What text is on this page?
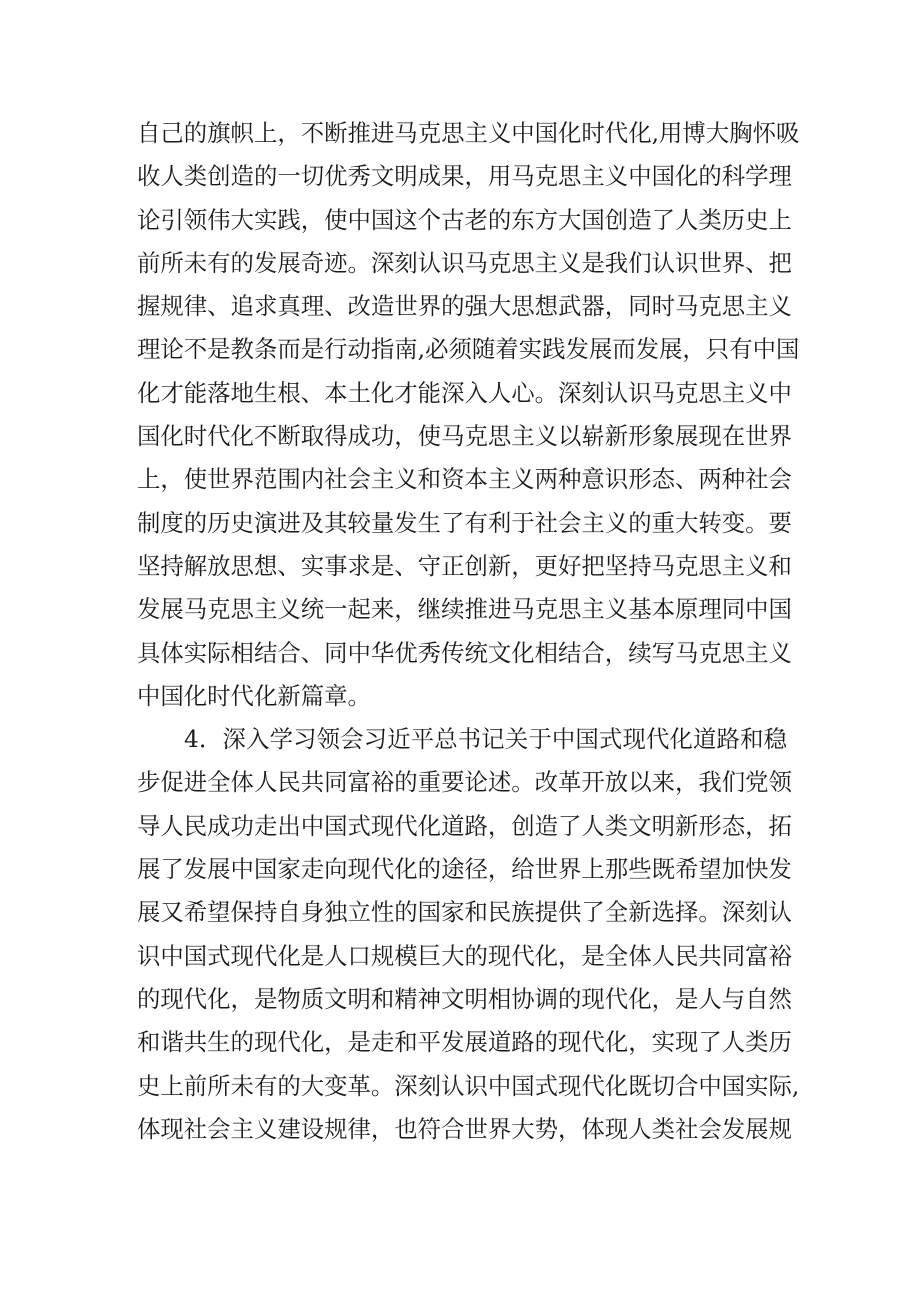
自己的旗帜上，不断推进马克思主义中国化时代化,用博大胸怀吸
收人类创造的一切优秀文明成果，用马克思主义中国化的科学理
论引领伟大实践，使中国这个古老的东方大国创造了人类历史上
前所未有的发展奇迹。深刻认识马克思主义是我们认识世界、把
握规律、追求真理、改造世界的强大思想武器，同时马克思主义
理论不是教条而是行动指南,必须随着实践发展而发展，只有中国
化才能落地生根、本土化才能深入人心。深刻认识马克思主义中
国化时代化不断取得成功，使马克思主义以崭新形象展现在世界
上，使世界范围内社会主义和资本主义两种意识形态、两种社会
制度的历史演进及其较量发生了有利于社会主义的重大转变。要
坚持解放思想、实事求是、守正创新，更好把坚持马克思主义和
发展马克思主义统一起来，继续推进马克思主义基本原理同中国
具体实际相结合、同中华优秀传统文化相结合，续写马克思主义
中国化时代化新篇章。
4．深入学习领会习近平总书记关于中国式现代化道路和稳
步促进全体人民共同富裕的重要论述。改革开放以来，我们党领
导人民成功走出中国式现代化道路，创造了人类文明新形态，拓
展了发展中国家走向现代化的途径，给世界上那些既希望加快发
展又希望保持自身独立性的国家和民族提供了全新选择。深刻认
识中国式现代化是人口规模巨大的现代化，是全体人民共同富裕
的现代化，是物质文明和精神文明相协调的现代化，是人与自然
和谐共生的现代化，是走和平发展道路的现代化，实现了人类历
史上前所未有的大变革。深刻认识中国式现代化既切合中国实际,
体现社会主义建设规律，也符合世界大势，体现人类社会发展规
